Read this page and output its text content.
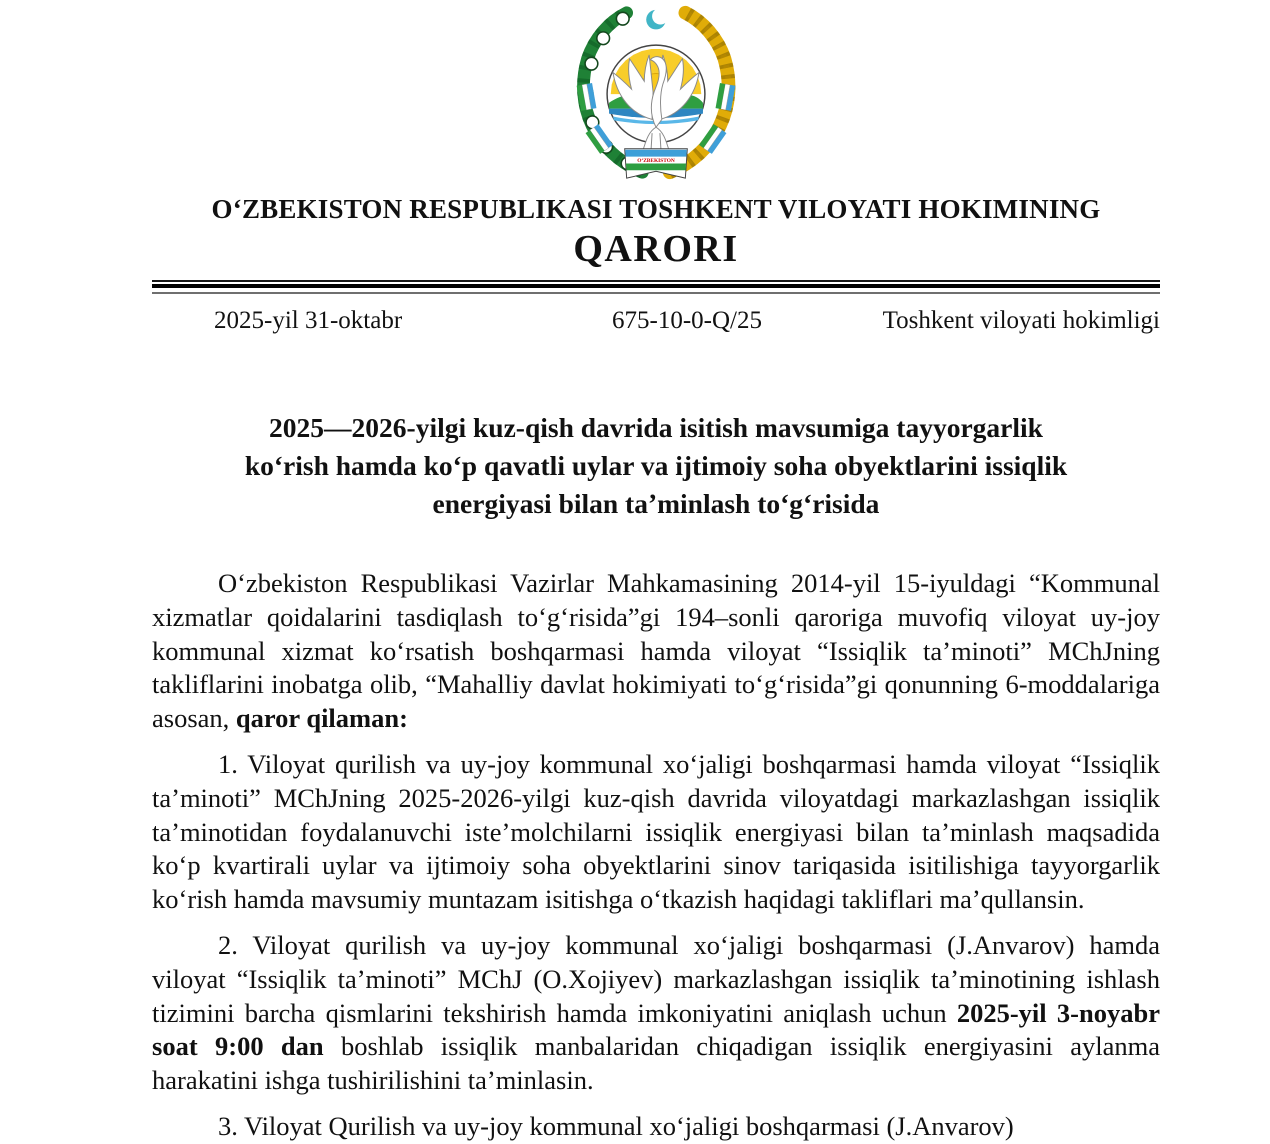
OʻZBEKISTON
OʻZBEKISTON RESPUBLIKASI TOSHKENT VILOYATI HOKIMINING
QARORI
2025-yil 31-oktabr	675-10-0-Q/25	Toshkent viloyati hokimligi
2025—2026-yilgi kuz-qish davrida isitish mavsumiga tayyorgarlik
koʻrish hamda koʻp qavatli uylar va ijtimoiy soha obyektlarini issiqlik
energiyasi bilan taʼminlash toʻgʻrisida

Oʻzbekiston Respublikasi Vazirlar Mahkamasining 2014-yil 15-iyuldagi “Kommunal xizmatlar qoidalarini tasdiqlash toʻgʻrisida”gi 194–sonli qaroriga muvofiq viloyat uy-joy kommunal xizmat koʻrsatish boshqarmasi hamda viloyat “Issiqlik taʼminoti” MChJning takliflarini inobatga olib, “Mahalliy davlat hokimiyati toʻgʻrisida”gi qonunning 6-moddalariga asosan, qaror qilaman:

1. Viloyat qurilish va uy-joy kommunal xoʻjaligi boshqarmasi hamda viloyat “Issiqlik taʼminoti” MChJning 2025-2026-yilgi kuz-qish davrida viloyatdagi markazlashgan issiqlik taʼminotidan foydalanuvchi isteʼmolchilarni issiqlik energiyasi bilan taʼminlash maqsadida koʻp kvartirali uylar va ijtimoiy soha obyektlarini sinov tariqasida isitilishiga tayyorgarlik koʻrish hamda mavsumiy muntazam isitishga oʻtkazish haqidagi takliflari maʼqullansin.

2. Viloyat qurilish va uy-joy kommunal xoʻjaligi boshqarmasi (J.Anvarov) hamda viloyat “Issiqlik taʼminoti” MChJ (O.Xojiyev) markazlashgan issiqlik taʼminotining ishlash tizimini barcha qismlarini tekshirish hamda imkoniyatini aniqlash uchun 2025-yil 3-noyabr soat 9:00 dan boshlab issiqlik manbalaridan chiqadigan issiqlik energiyasini aylanma harakatini ishga tushirilishini taʼminlasin.

3. Viloyat Qurilish va uy-joy kommunal xoʻjaligi boshqarmasi (J.Anvarov)
